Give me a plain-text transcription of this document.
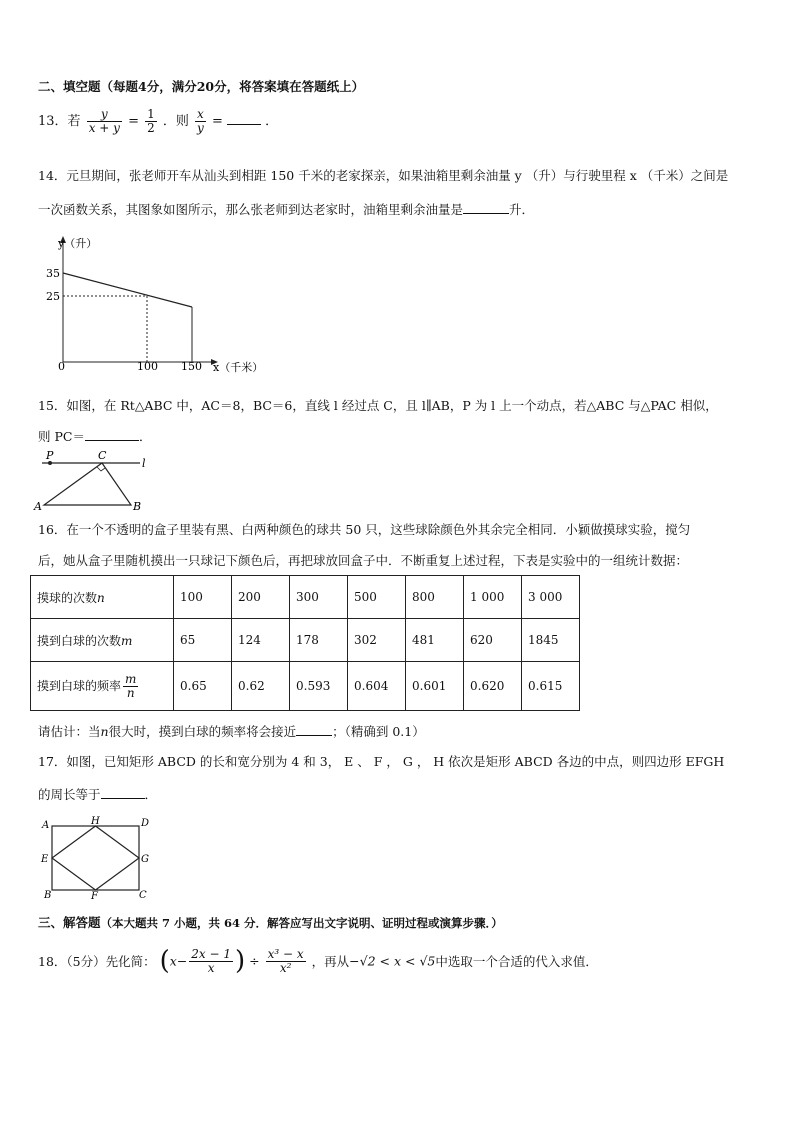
二、填空题（每题4分，满分20分，将答案填在答题纸上）
13．若 $\frac{y}{x + y} = \frac{1}{2}$ ．则 $\frac{x}{y}$ =	．
14．元旦期间，张老师开车从汕头到相距 150 千米的老家探亲，如果油箱里剩余油量 y （升）与行驶里程 x （千米）之间是
一次函数关系，其图象如图所示，那么张老师到达老家时，油箱里剩余油量是	升．
y（升）
x（千米）
0
35
25
100 150
15．如图，在 Rt△ABC 中，AC＝8，BC＝6，直线 l 经过点 C，且 l∥AB，P 为 l 上一个动点，若△ABC 与△PAC 相似，
则 PC＝	．
P	C
l
A	B
16．在一个不透明的盒子里装有黑、白两种颜色的球共 50 只，这些球除颜色外其余完全相同．小颖做摸球实验，搅匀
后，她从盒子里随机摸出一只球记下颜色后，再把球放回盒子中．不断重复上述过程，下表是实验中的一组统计数据：
摸球的次数n	100	200	300	500	800	1 000	3 000
摸到白球的次数m	65	124	178	302	481	620	1845
摸到白球的频率 $\frac{m}{n}$	0.65	0.62	0.593	0.604	0.601	0.620	0.615
请估计：当n很大时，摸到白球的频率将会接近	；（精确到 0.1）
17．如图，已知矩形 ABCD 的长和宽分别为 4 和 3， E 、 F ， G ， H 依次是矩形 ABCD 各边的中点，则四边形 EFGH
的周长等于	．
A	H	D
E	G
B	F	C
三、解答题（本大题共 7 小题，共 64 分．解答应写出文字说明、证明过程或演算步骤．）
18．（5分）先化简： ($x- \frac{2x - 1}{x}$ ) ÷ $\frac{\text{x³ − x}}{\text{x²}}$ ，再从−√2 < x < √5中选取一个合适的代入求值．
